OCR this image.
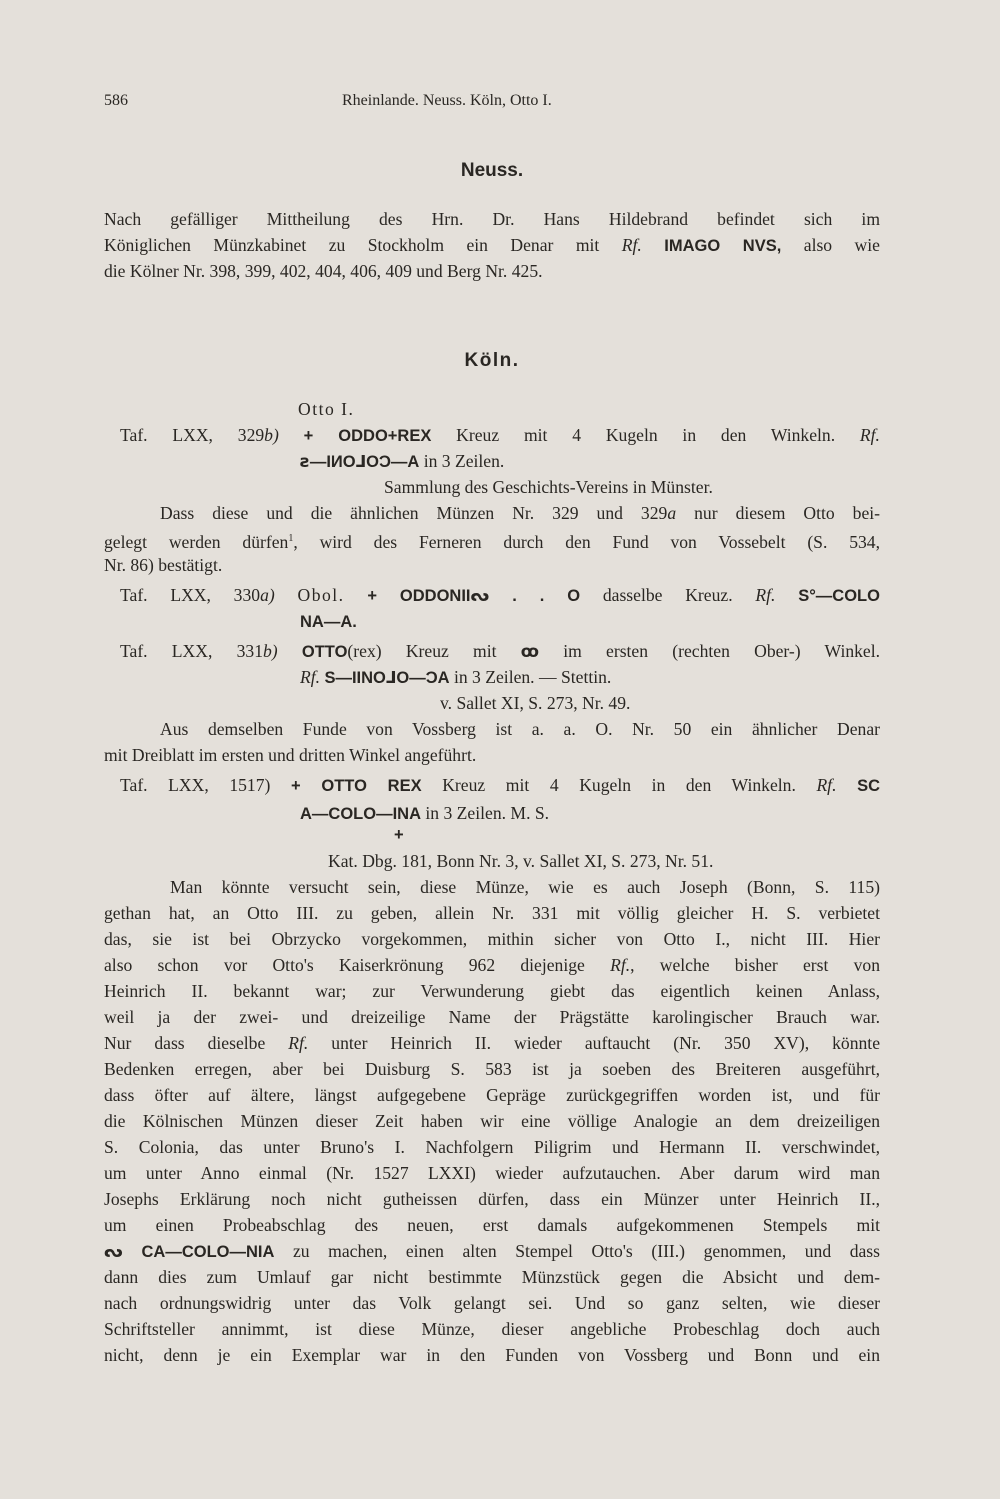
586	Rheinlande. Neuss. Köln, Otto I.
Neuss.
Nach gefälliger Mittheilung des Hrn. Dr. Hans Hildebrand befindet sich im
Königlichen Münzkabinet zu Stockholm ein Denar mit Rf. IMAGO NVS, also wie
die Kölner Nr. 398, 399, 402, 404, 406, 409 und Berg Nr. 425.
Köln.
Otto I.
Taf. LXX, 329b) + ODDO+REX Kreuz mit 4 Kugeln in den Winkeln. Rf.
ꙅ—IИO⅃OƆ—A in 3 Zeilen.
Sammlung des Geschichts-Vereins in Münster.
Dass diese und die ähnlichen Münzen Nr. 329 und 329a nur diesem Otto bei-
gelegt werden dürfen$^1$, wird des Ferneren durch den Fund von Vossebelt (S. 534,
Nr. 86) bestätigt.
Taf. LXX, 330a) Obol. + ODDONIIᔓ . . O dasselbe Kreuz. Rf. S°—COLO
NA—A.
Taf. LXX, 331b) OTTO(rex) Kreuz mit ꝏ im ersten (rechten Ober-) Winkel.
Rf. S—IINO⅃O—ƆA in 3 Zeilen. — Stettin.
v. Sallet XI, S. 273, Nr. 49.
Aus demselben Funde von Vossberg ist a. a. O. Nr. 50 ein ähnlicher Denar
mit Dreiblatt im ersten und dritten Winkel angeführt.
Taf. LXX, 1517) + OTTO REX Kreuz mit 4 Kugeln in den Winkeln. Rf. SC
A—COLO—INA in 3 Zeilen. M. S.
+
Kat. Dbg. 181, Bonn Nr. 3, v. Sallet XI, S. 273, Nr. 51.
Man könnte versucht sein, diese Münze, wie es auch Joseph (Bonn, S. 115)
gethan hat, an Otto III. zu geben, allein Nr. 331 mit völlig gleicher H. S. verbietet
das, sie ist bei Obrzycko vorgekommen, mithin sicher von Otto I., nicht III. Hier
also schon vor Otto's Kaiserkrönung 962 diejenige Rf., welche bisher erst von
Heinrich II. bekannt war; zur Verwunderung giebt das eigentlich keinen Anlass,
weil ja der zwei- und dreizeilige Name der Prägstätte karolingischer Brauch war.
Nur dass dieselbe Rf. unter Heinrich II. wieder auftaucht (Nr. 350 XV), könnte
Bedenken erregen, aber bei Duisburg S. 583 ist ja soeben des Breiteren ausgeführt,
dass öfter auf ältere, längst aufgegebene Gepräge zurückgegriffen worden ist, und für
die Kölnischen Münzen dieser Zeit haben wir eine völlige Analogie an dem dreizeiligen
S. Colonia, das unter Bruno's I. Nachfolgern Piligrim und Hermann II. verschwindet,
um unter Anno einmal (Nr. 1527 LXXI) wieder aufzutauchen. Aber darum wird man
Josephs Erklärung noch nicht gutheissen dürfen, dass ein Münzer unter Heinrich II.,
um einen Probeabschlag des neuen, erst damals aufgekommenen Stempels mit
ᔓ CA—COLO—NIA zu machen, einen alten Stempel Otto's (III.) genommen, und dass
dann dies zum Umlauf gar nicht bestimmte Münzstück gegen die Absicht und dem-
nach ordnungswidrig unter das Volk gelangt sei. Und so ganz selten, wie dieser
Schriftsteller annimmt, ist diese Münze, dieser angebliche Probeschlag doch auch
nicht, denn je ein Exemplar war in den Funden von Vossberg und Bonn und ein
